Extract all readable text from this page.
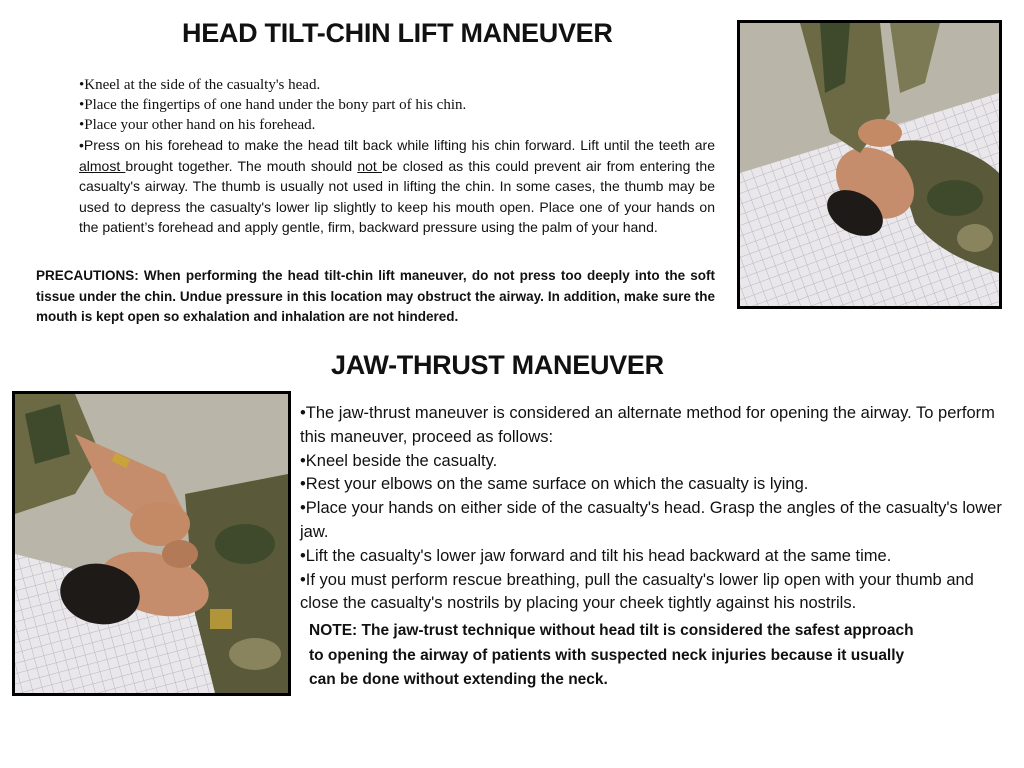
HEAD TILT-CHIN LIFT MANEUVER
•Kneel at the side of the casualty's head.
•Place the fingertips of one hand under the bony part of his chin.
•Place your other hand on his forehead.

•Press on his forehead to make the head tilt back while lifting his chin forward. Lift until the teeth are almost brought together. The mouth should not be closed as this could prevent air from entering the casualty's airway. The thumb is usually not used in lifting the chin. In some cases, the thumb may be used to depress the casualty's lower lip slightly to keep his mouth open. Place one of your hands on the patient’s forehead and apply gentle, firm, backward pressure using the palm of your hand.

PRECAUTIONS: When performing the head tilt-chin lift maneuver, do not press too deeply into the soft tissue under the chin. Undue pressure in this location may obstruct the airway. In addition, make sure the mouth is kept open so exhalation and inhalation are not hindered.

JAW-THRUST MANEUVER

•The jaw-thrust maneuver is considered an alternate method for opening the airway. To perform this maneuver, proceed as follows:

•Kneel beside the casualty.

•Rest your elbows on the same surface on which the casualty is lying.

•Place your hands on either side of the casualty's head. Grasp the angles of the casualty's lower jaw.

•Lift the casualty's lower jaw forward and tilt his head backward at the same time.

•If you must perform rescue breathing, pull the casualty's lower lip open with your thumb and close the casualty's nostrils by placing your cheek tightly against his nostrils.

NOTE: The jaw-trust technique without head tilt is considered the safest approach

to opening the airway of patients with suspected neck injuries because it usually

can be done without extending the neck.
